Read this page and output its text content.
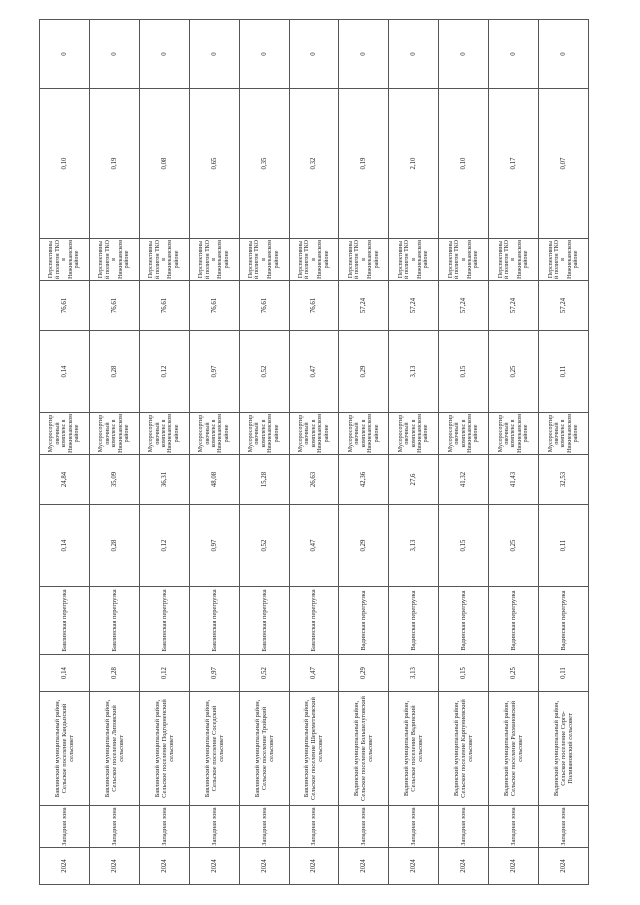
2024	Западная зона	Бавлинский муниципальный район, Сельское поселение Кандызский сельсовет	0,14	Бавлинская перегрузка	0,14	24,84	Мусоросортировочный комплекс в Нижнекамском районе	0,14	76,61	Перспективный полигон ТКО в Нижнекамском районе	0,10	0
2024	Западная зона	Бавлинский муниципальный район, Сельское поселение Липовский сельсовет	0,28	Бавлинская перегрузка	0,28	35,09	Мусоросортировочный комплекс в Нижнекамском районе	0,28	76,61	Перспективный полигон ТКО в Нижнекамском районе	0,19	0
2024	Западная зона	Бавлинский муниципальный район, Сельское поселение Подгорненский сельсовет	0,12	Бавлинская перегрузка	0,12	36,31	Мусоросортировочный комплекс в Нижнекамском районе	0,12	76,61	Перспективный полигон ТКО в Нижнекамском районе	0,08	0
2024	Западная зона	Бавлинский муниципальный район, Сельское поселение Соседский сельсовет	0,97	Бавлинская перегрузка	0,97	48,08	Мусоросортировочный комплекс в Нижнекамском районе	0,97	76,61	Перспективный полигон ТКО в Нижнекамском районе	0,65	0
2024	Западная зона	Бавлинский муниципальный район, Сельское поселение Тройцкий сельсовет	0,52	Бавлинская перегрузка	0,52	15,28	Мусоросортировочный комплекс в Нижнекамском районе	0,52	76,61	Перспективный полигон ТКО в Нижнекамском районе	0,35	0
2024	Западная зона	Бавлинский муниципальный район, Сельское поселение Шереметьевский сельсовет	0,47	Бавлинская перегрузка	0,47	26,63	Мусоросортировочный комплекс в Нижнекамском районе	0,47	76,61	Перспективный полигон ТКО в Нижнекамском районе	0,32	0
2024	Западная зона	Вадинский муниципальный район, Сельское поселение Большелуговский сельсовет	0,29	Вадинская перегрузка	0,29	42,36	Мусоросортировочный комплекс в Нижнекамском районе	0,29	57,24	Перспективный полигон ТКО в Нижнекамском районе	0,19	0
2024	Западная зона	Вадинский муниципальный район, Сельское поселение Вадинский сельсовет	3,13	Вадинская перегрузка	3,13	27,6	Мусоросортировочный комплекс в Нижнекамском районе	3,13	57,24	Перспективный полигон ТКО в Нижнекамском районе	2,10	0
2024	Западная зона	Вадинский муниципальный район, Сельское поселение Карпуниевский сельсовет	0,15	Вадинская перегрузка	0,15	41,32	Мусоросортировочный комплекс в Нижнекамском районе	0,15	57,24	Перспективный полигон ТКО в Нижнекамском районе	0,10	0
2024	Западная зона	Вадинский муниципальный район, Сельское поселение Рахмановский сельсовет	0,25	Вадинская перегрузка	0,25	41,43	Мусоросортировочный комплекс в Нижнекамском районе	0,25	57,24	Перспективный полигон ТКО в Нижнекамском районе	0,17	0
2024	Западная зона	Вадинский муниципальный район, Сельское поселение Серго-Поливановский сельсовет	0,11	Вадинская перегрузка	0,11	32,53	Мусоросортировочный комплекс в Нижнекамском районе	0,11	57,24	Перспективный полигон ТКО в Нижнекамском районе	0,07	0
